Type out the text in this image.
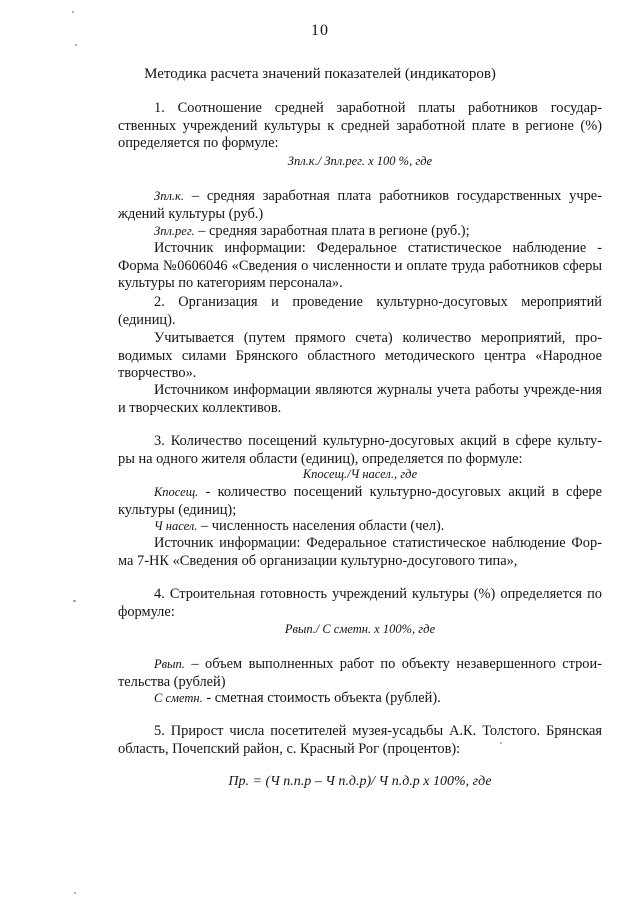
10
Методика расчета значений показателей (индикаторов)
1. Соотношение средней заработной платы работников государ-ственных учреждений культуры к средней заработной плате в регионе (%) определяется по формуле:
Зпл.к./ Зпл.рег. х 100 %, где
Зпл.к. – средняя заработная плата работников государственных учре-ждений культуры (руб.)
Зпл.рег. – средняя заработная плата в регионе (руб.);
Источник информации: Федеральное статистическое наблюдение - Форма №0606046 «Сведения о численности и оплате труда работников сферы культуры по категориям персонала».
2. Организация и проведение культурно-досуговых мероприятий (единиц).
Учитывается (путем прямого счета) количество мероприятий, про-водимых силами Брянского областного методического центра «Народное творчество».
Источником информации являются журналы учета работы учрежде-ния и творческих коллективов.
3. Количество посещений культурно-досуговых акций в сфере культу-ры на одного жителя области (единиц), определяется по формуле:
Кпосещ./Ч насел., где
Кпосещ. - количество посещений культурно-досуговых акций в сфере культуры (единиц);
Ч насел. – численность населения области (чел).
Источник информации: Федеральное статистическое наблюдение Фор-ма 7-НК «Сведения об организации культурно-досугового типа»,
4. Строительная готовность учреждений культуры (%) определяется по формуле:
Рвып./ С сметн. х 100%, где
Рвып. – объем выполненных работ по объекту незавершенного строи-тельства (рублей)
С сметн. - сметная стоимость объекта (рублей).
5. Прирост числа посетителей музея-усадьбы А.К. Толстого. Брянская область, Почепский район, с. Красный Рог (процентов):
Пр. = (Ч п.п.р – Ч п.д.р)/ Ч п.д.р х 100%, где
